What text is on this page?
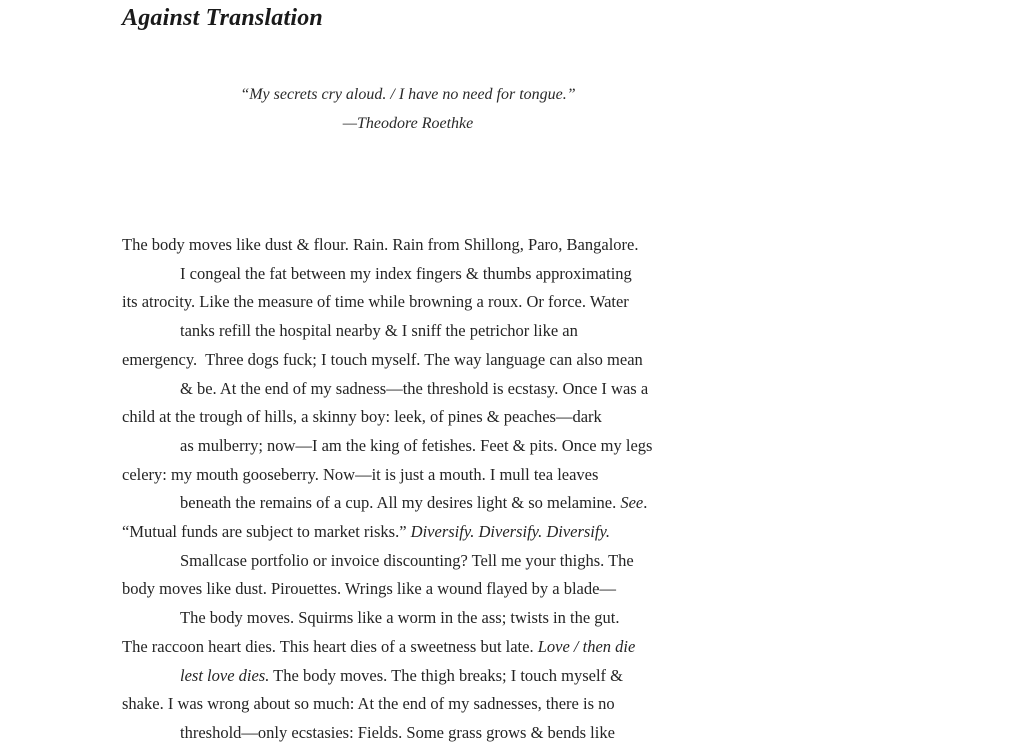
Against Translation
“My secrets cry aloud. / I have no need for tongue.”
—Theodore Roethke
The body moves like dust & flour. Rain. Rain from Shillong, Paro, Bangalore.
I congeal the fat between my index fingers & thumbs approximating
its atrocity. Like the measure of time while browning a roux. Or force. Water
tanks refill the hospital nearby & I sniff the petrichor like an
emergency.  Three dogs fuck; I touch myself. The way language can also mean
& be. At the end of my sadness—the threshold is ecstasy. Once I was a
child at the trough of hills, a skinny boy: leek, of pines & peaches—dark
as mulberry; now—I am the king of fetishes. Feet & pits. Once my legs
celery: my mouth gooseberry. Now—it is just a mouth. I mull tea leaves
beneath the remains of a cup. All my desires light & so melamine. See.
“Mutual funds are subject to market risks.” Diversify. Diversify. Diversify.
Smallcase portfolio or invoice discounting? Tell me your thighs. The
body moves like dust. Pirouettes. Wrings like a wound flayed by a blade—
The body moves. Squirms like a worm in the ass; twists in the gut.
The raccoon heart dies. This heart dies of a sweetness but late. Love / then die
lest love dies. The body moves. The thigh breaks; I touch myself &
shake. I was wrong about so much: At the end of my sadnesses, there is no
threshold—only ecstasies: Fields. Some grass grows & bends like
